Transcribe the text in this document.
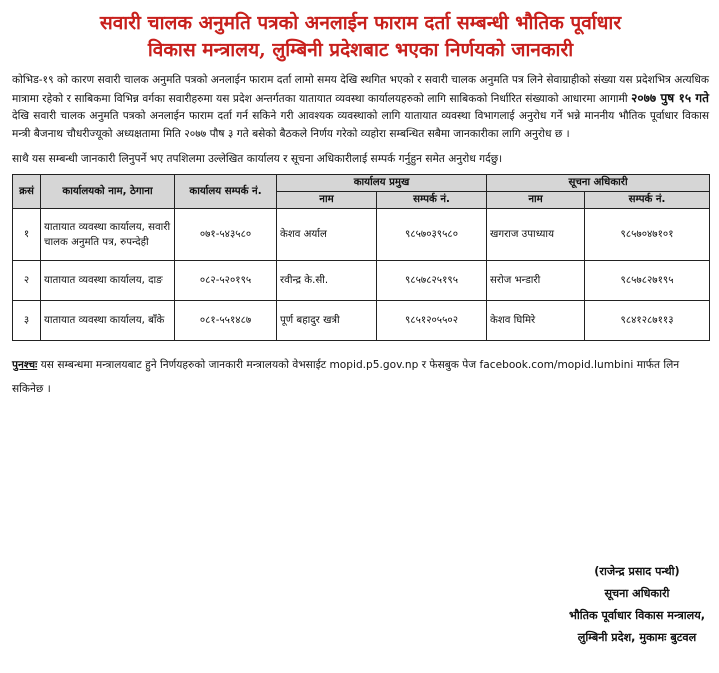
सवारी चालक अनुमति पत्रको अनलाईन फाराम दर्ता सम्बन्धी भौतिक पूर्वाधार
विकास मन्त्रालय, लुम्बिनी प्रदेशबाट भएका निर्णयको जानकारी

कोभिड-१९ को कारण सवारी चालक अनुमति पत्रको अनलाईन फाराम दर्ता लामो समय देखि स्थगित भएको र सवारी चालक अनुमति पत्र लिने सेवाग्राहीको संख्या यस प्रदेशभित्र अत्यधिक मात्रामा रहेको र साबिकमा विभिन्न वर्गका सवारीहरुमा यस प्रदेश अन्तर्गतका यातायात व्यवस्था कार्यालयहरुको लागि साबिकको निर्धारित संख्याको आधारमा आगामी २०७७ पुष १५ गते देखि सवारी चालक अनुमति पत्रको अनलाईन फाराम दर्ता गर्न सकिने गरी आवश्यक व्यवस्थाको लागि यातायात व्यवस्था विभागलाई अनुरोध गर्ने भन्ने माननीय भौतिक पूर्वाधार विकास मन्त्री बैजनाथ चौधरीज्यूको अध्यक्षतामा मिति २०७७ पौष ३ गते बसेको बैठकले निर्णय गरेको व्यहोरा सम्बन्धित सबैमा जानकारीका लागि अनुरोध छ ।

साथै यस सम्बन्धी जानकारी लिनुपर्ने भए तपशिलमा उल्लेखित कार्यालय र सूचना अधिकारीलाई सम्पर्क गर्नुहुन समेत अनुरोध गर्दछु।

क्रसं	कार्यालयको नाम, ठेगाना	कार्यालय सम्पर्क नं.	कार्यालय प्रमुख		सूचना अधिकारी	
			नाम	सम्पर्क नं.	नाम	सम्पर्क नं.
१	यातायात व्यवस्था कार्यालय, सवारी चालक अनुमति पत्र, रुपन्देही	०७१-५४३५८०	केशव अर्याल	९८५७०३९५८०	खगराज उपाध्याय	९८५७०४७१०१
२	यातायात व्यवस्था कार्यालय, दाङ	०८२-५२०१९५	रवीन्द्र के.सी.	९८५७८२५१९५	सरोज भन्डारी	९८५७८२७१९५
३	यातायात व्यवस्था कार्यालय, बाँके	०८१-५५१४८७	पूर्ण बहादुर खत्री	९८५१२०५५०२	केशव घिमिरे	९८४१२८७११३

पुनश्चः यस सम्बन्धमा मन्त्रालयबाट हुने निर्णयहरुको जानकारी मन्त्रालयको वेभसाईट mopid.p5.gov.np र फेसबुक पेज facebook.com/mopid.lumbini मार्फत लिन सकिनेछ ।

(राजेन्द्र प्रसाद पन्थी)
सूचना अधिकारी
भौतिक पूर्वाधार विकास मन्त्रालय,
लुम्बिनी प्रदेश, मुकामः बुटवल
